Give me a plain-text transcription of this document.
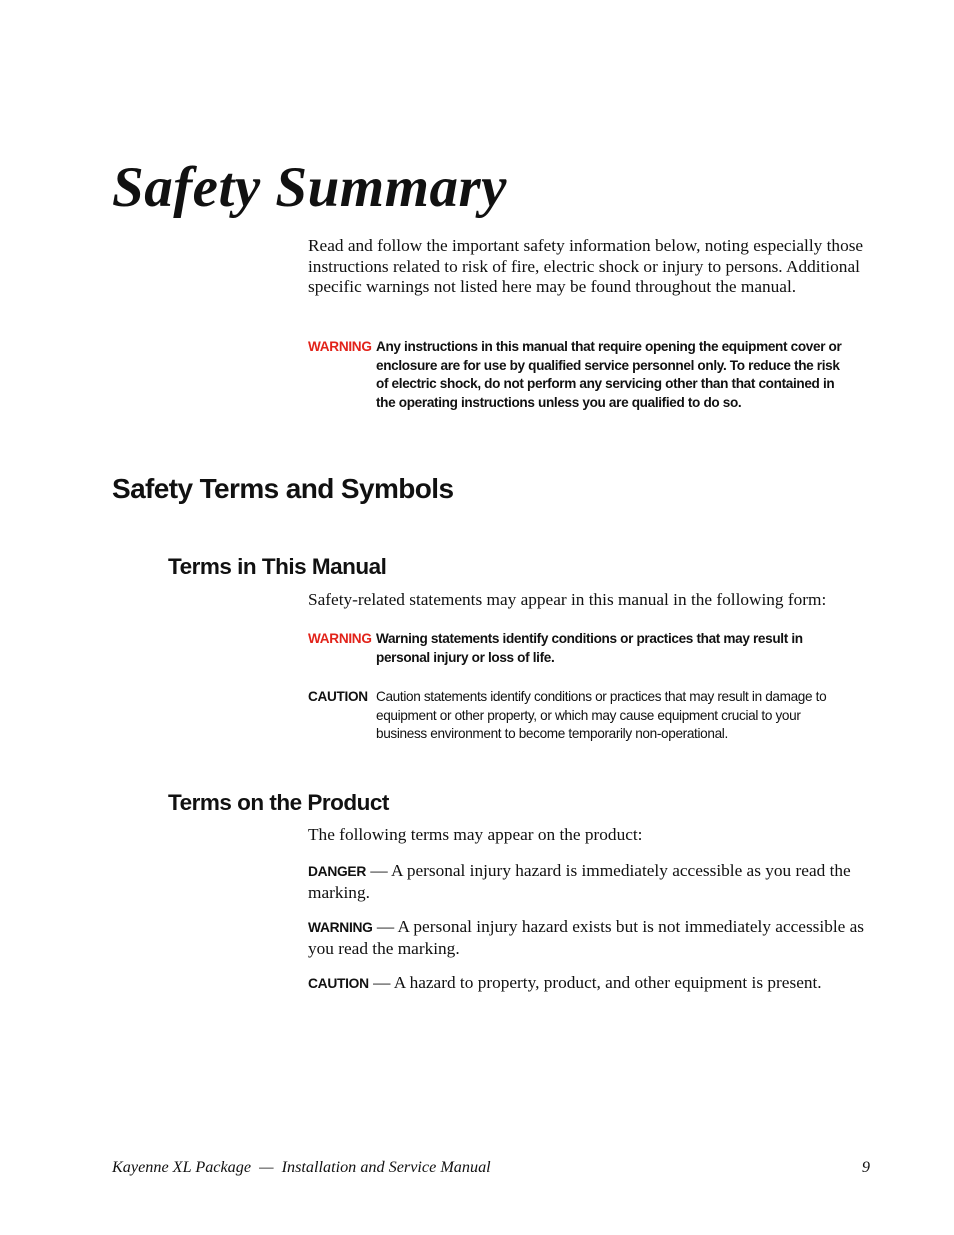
Safety Summary

Read and follow the important safety information below, noting especially those instructions related to risk of fire, electric shock or injury to persons. Additional specific warnings not listed here may be found throughout the manual.

WARNING Any instructions in this manual that require opening the equipment cover or enclosure are for use by qualified service personnel only. To reduce the risk of electric shock, do not perform any servicing other than that contained in the operating instructions unless you are qualified to do so.
Safety Terms and Symbols
Terms in This Manual

Safety-related statements may appear in this manual in the following form:

WARNING Warning statements identify conditions or practices that may result in personal injury or loss of life.
CAUTION Caution statements identify conditions or practices that may result in damage to equipment or other property, or which may cause equipment crucial to your business environment to become temporarily non-operational.
Terms on the Product

The following terms may appear on the product:

DANGER — A personal injury hazard is immediately accessible as you read the marking.

WARNING — A personal injury hazard exists but is not immediately accessible as you read the marking.

CAUTION — A hazard to property, product, and other equipment is present.

Kayenne XL Package  —  Installation and Service Manual	9
